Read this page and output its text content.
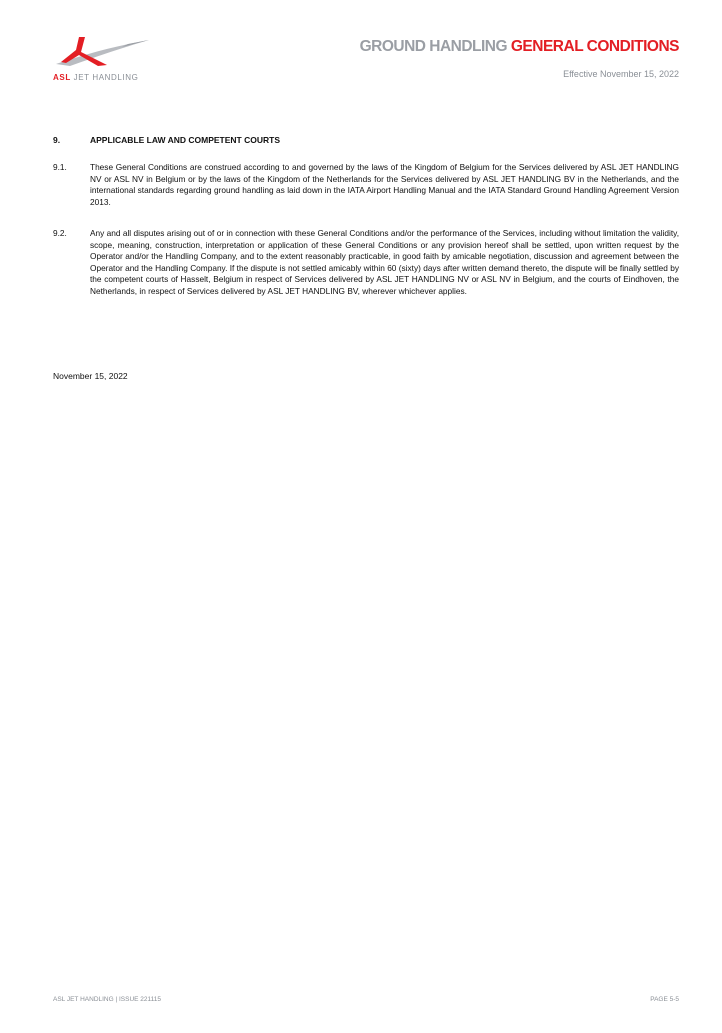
ASL JET HANDLING
GROUND HANDLING GENERAL CONDITIONS
Effective November 15, 2022
9.	APPLICABLE LAW AND COMPETENT COURTS
9.1.	These General Conditions are construed according to and governed by the laws of the Kingdom of Belgium for the Services delivered by ASL JET HANDLING NV or ASL NV in Belgium or by the laws of the Kingdom of the Netherlands for the Services delivered by ASL JET HANDLING BV in the Netherlands, and the international standards regarding ground handling as laid down in the IATA Airport Handling Manual and the IATA Standard Ground Handling Agreement Version 2013.
9.2.	Any and all disputes arising out of or in connection with these General Conditions and/or the performance of the Services, including without limitation the validity, scope, meaning, construction, interpretation or application of these General Conditions or any provision hereof shall be settled, upon written request by the Operator and/or the Handling Company, and to the extent reasonably practicable, in good faith by amicable negotiation, discussion and agreement between the Operator and the Handling Company. If the dispute is not settled amicably within 60 (sixty) days after written demand thereto, the dispute will be finally settled by the competent courts of Hasselt, Belgium in respect of Services delivered by ASL JET HANDLING NV or ASL NV in Belgium, and the courts of Eindhoven, the Netherlands, in respect of Services delivered by ASL JET HANDLING BV, wherever whichever applies.
November 15, 2022
ASL JET HANDLING | ISSUE 221115	PAGE 5-5
